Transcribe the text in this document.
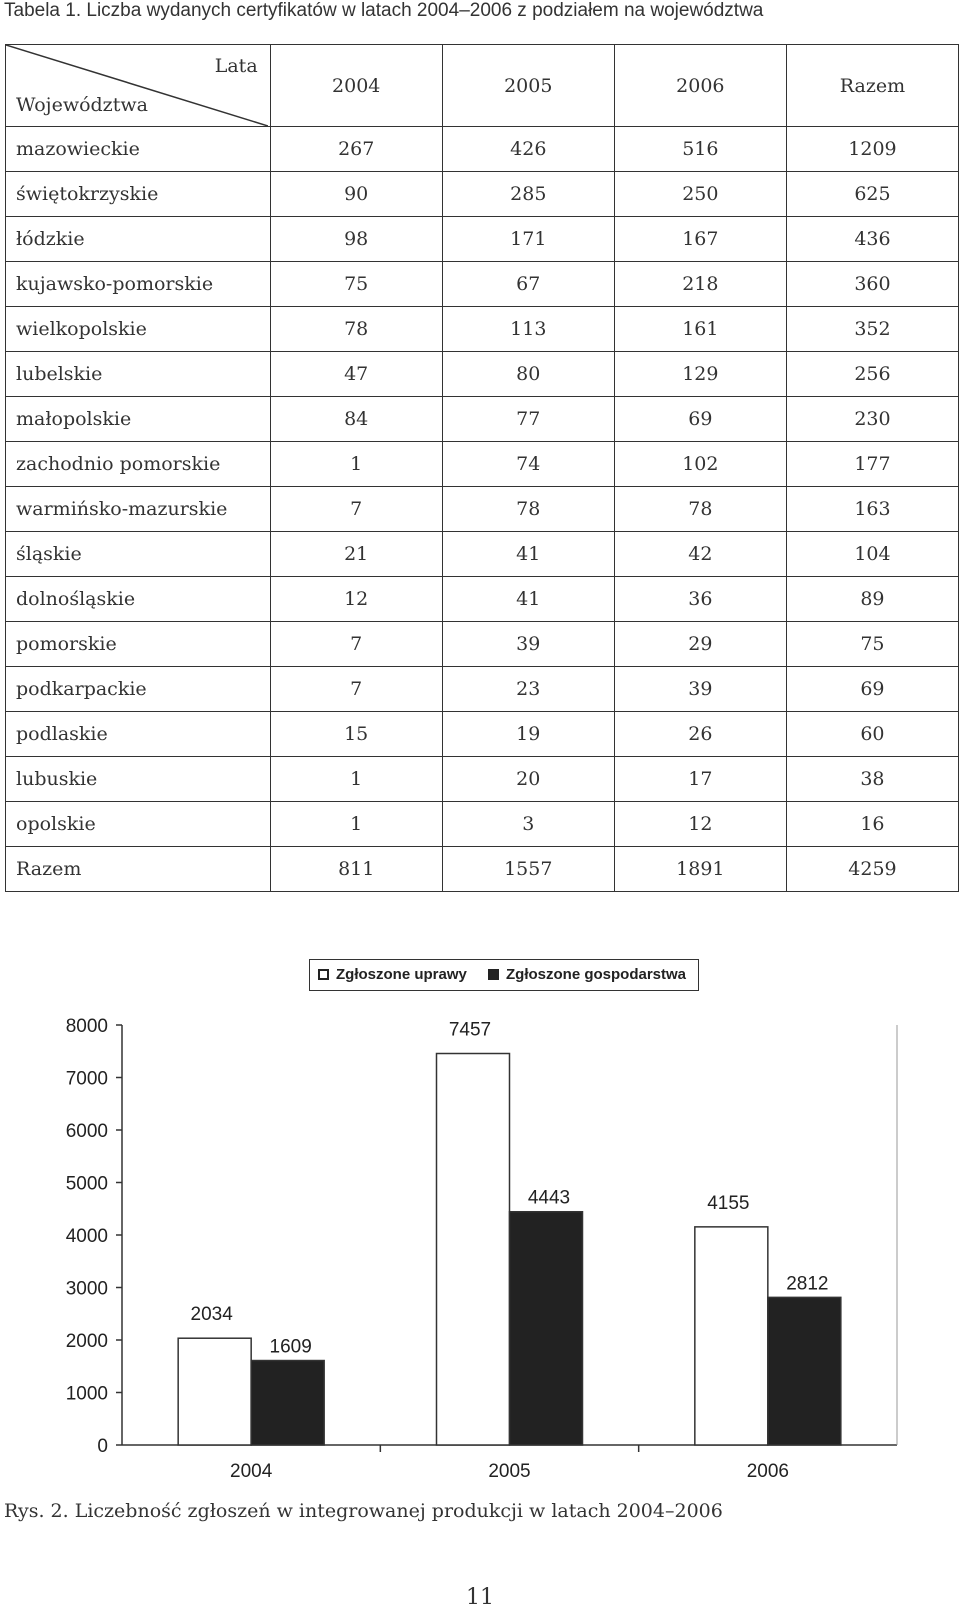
Tabela 1. Liczba wydanych certyfikatów w latach 2004–2006 z podziałem na województwa
Lata
Województwa	2004	2005	2006	Razem
mazowieckie	267	426	516	1209
świętokrzyskie	90	285	250	625
łódzkie	98	171	167	436
kujawsko-pomorskie	75	67	218	360
wielkopolskie	78	113	161	352
lubelskie	47	80	129	256
małopolskie	84	77	69	230
zachodnio pomorskie	1	74	102	177
warmińsko-mazurskie	7	78	78	163
śląskie	21	41	42	104
dolnośląskie	12	41	36	89
pomorskie	7	39	29	75
podkarpackie	7	23	39	69
podlaskie	15	19	26	60
lubuskie	1	20	17	38
opolskie	1	3	12	16
Razem	811	1557	1891	4259
Zgłoszone uprawy	Zgłoszone gospodarstwa
0
1000
2000
3000
4000
5000
6000
7000
8000
2004
2034
1609
2005
7457
4443
2006
4155
2812
Rys. 2. Liczebność zgłoszeń w integrowanej produkcji w latach 2004–2006
11
